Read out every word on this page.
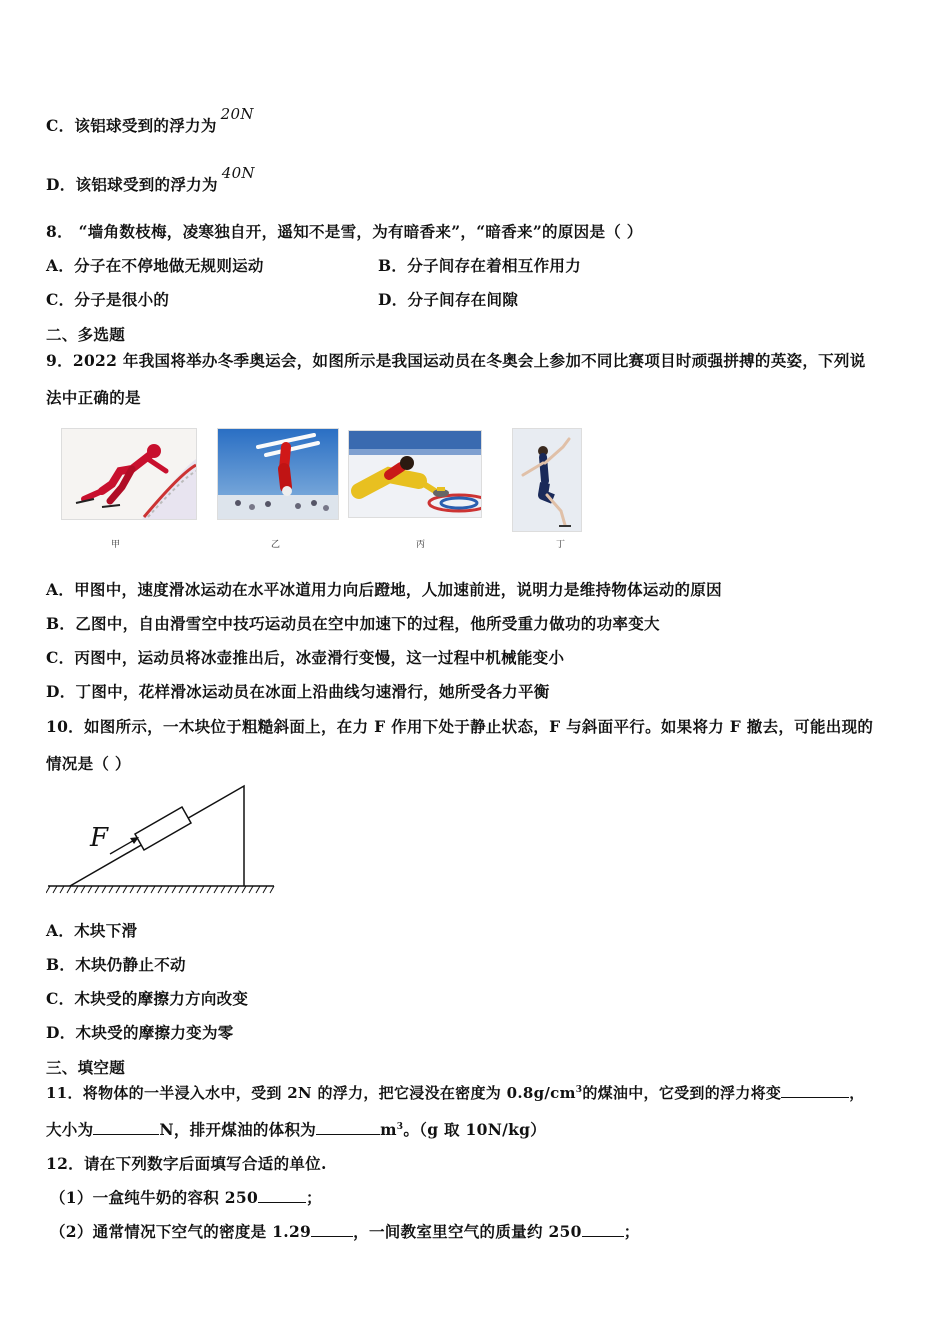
C．该铝球受到的浮力为20N
D．该铝球受到的浮力为40N
8． “墙角数枝梅，凌寒独自开，遥知不是雪，为有暗香来”，“暗香来”的原因是（ ）
A．分子在不停地做无规则运动	B．分子间存在着相互作用力
C．分子是很小的	D．分子间存在间隙
二、多选题
9．2022 年我国将举办冬季奥运会，如图所示是我国运动员在冬奥会上参加不同比赛项目时顽强拼搏的英姿，下列说
法中正确的是
甲	乙	丙	丁
A．甲图中，速度滑冰运动在水平冰道用力向后蹬地，人加速前进，说明力是维持物体运动的原因
B．乙图中，自由滑雪空中技巧运动员在空中加速下的过程，他所受重力做功的功率变大
C．丙图中，运动员将冰壶推出后，冰壶滑行变慢，这一过程中机械能变小
D．丁图中，花样滑冰运动员在冰面上沿曲线匀速滑行，她所受各力平衡
10．如图所示，一木块位于粗糙斜面上，在力 F 作用下处于静止状态，F 与斜面平行。如果将力 F 撤去，可能出现的
情况是（ ）
F
A．木块下滑
B．木块仍静止不动
C．木块受的摩擦力方向改变
D．木块受的摩擦力变为零
三、填空题
11．将物体的一半浸入水中，受到 2N 的浮力，把它浸没在密度为 $0.8g/cm^3$的煤油中，它受到的浮力将变	，
大小为	N，排开煤油的体积为	$m^3$。（g 取 10N/kg）
12．请在下列数字后面填写合适的单位.
（1）一盒纯牛奶的容积 250	；
（2）通常情况下空气的密度是 1.29	，一间教室里空气的质量约 250	；
